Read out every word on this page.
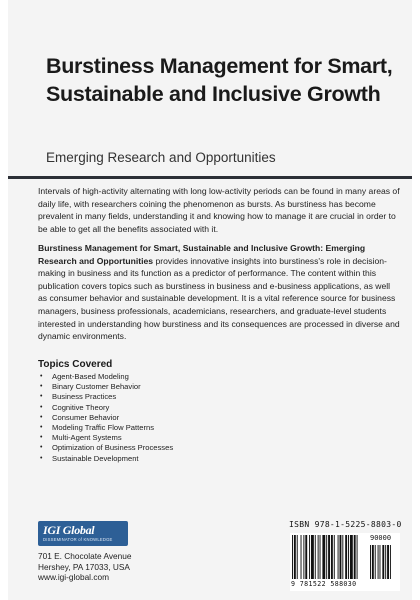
Burstiness Management for Smart, Sustainable and Inclusive Growth

Emerging Research and Opportunities

Intervals of high-activity alternating with long low-activity periods can be found in many areas of daily life, with researchers coining the phenomenon as bursts. As burstiness has become prevalent in many fields, understanding it and knowing how to manage it are crucial in order to be able to get all the benefits associated with it.

Burstiness Management for Smart, Sustainable and Inclusive Growth: Emerging Research and Opportunities provides innovative insights into burstiness's role in decision-making in business and its function as a predictor of performance. The content within this publication covers topics such as burstiness in business and e-business applications, as well as consumer behavior and sustainable development. It is a vital reference source for business managers, business professionals, academicians, researchers, and graduate-level students interested in understanding how burstiness and its consequences are processed in diverse and dynamic environments.

Topics Covered

• Agent-Based Modeling
• Binary Customer Behavior
• Business Practices
• Cognitive Theory
• Consumer Behavior
• Modeling Traffic Flow Patterns
• Multi-Agent Systems
• Optimization of Business Processes
• Sustainable Development
IGI Global
DISSEMINATOR of KNOWLEDGE
701 E. Chocolate Avenue
Hershey, PA 17033, USA
www.igi-global.com
ISBN 978-1-5225-8803-0
90000
9 781522 588030
